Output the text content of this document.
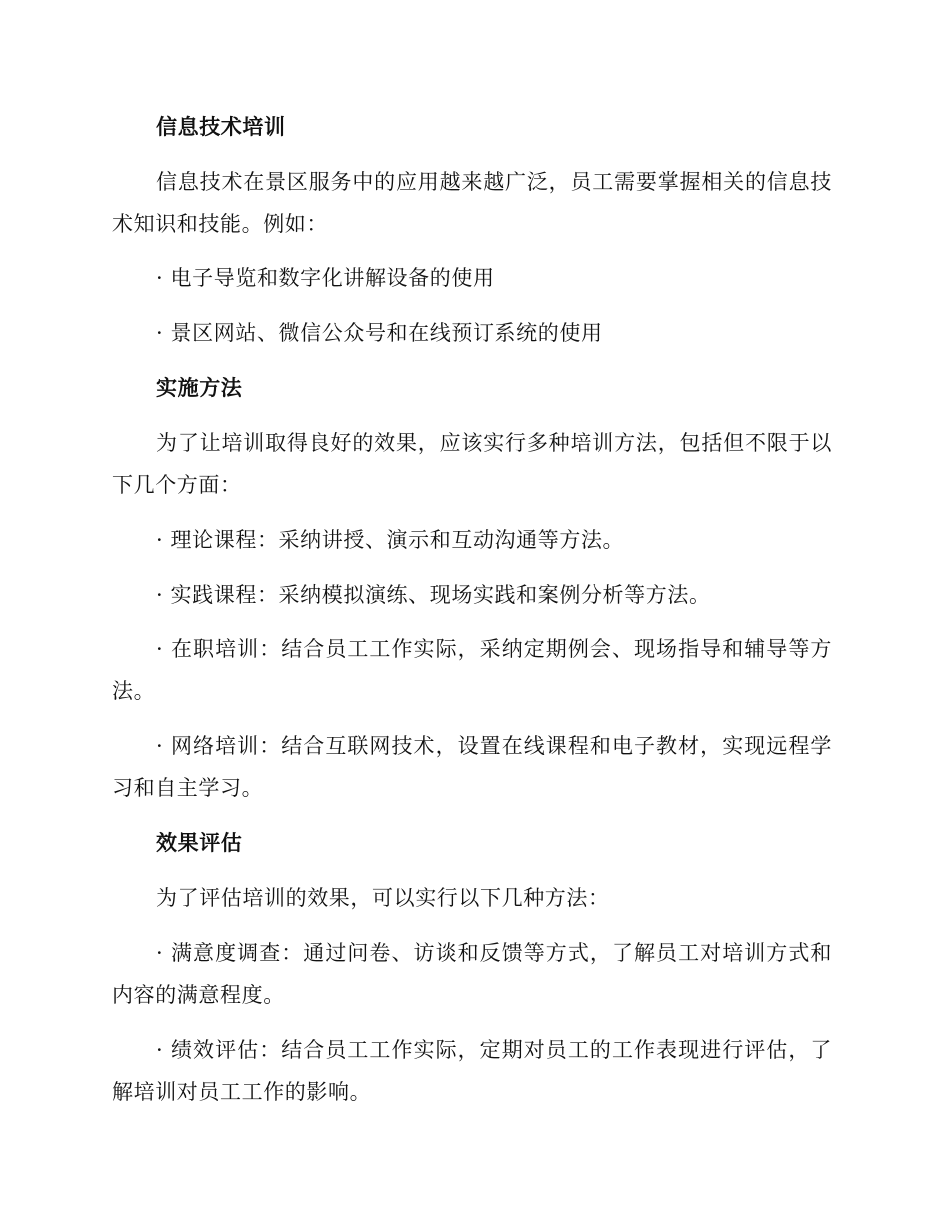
信息技术培训

信息技术在景区服务中的应用越来越广泛，员工需要掌握相关的信息技术知识和技能。例如：

· 电子导览和数字化讲解设备的使用

· 景区网站、微信公众号和在线预订系统的使用

实施方法

为了让培训取得良好的效果，应该实行多种培训方法，包括但不限于以下几个方面：

· 理论课程：采纳讲授、演示和互动沟通等方法。

· 实践课程：采纳模拟演练、现场实践和案例分析等方法。

· 在职培训：结合员工工作实际，采纳定期例会、现场指导和辅导等方法。

· 网络培训：结合互联网技术，设置在线课程和电子教材，实现远程学习和自主学习。

效果评估

为了评估培训的效果，可以实行以下几种方法：

· 满意度调查：通过问卷、访谈和反馈等方式，了解员工对培训方式和内容的满意程度。

· 绩效评估：结合员工工作实际，定期对员工的工作表现进行评估，了解培训对员工工作的影响。
